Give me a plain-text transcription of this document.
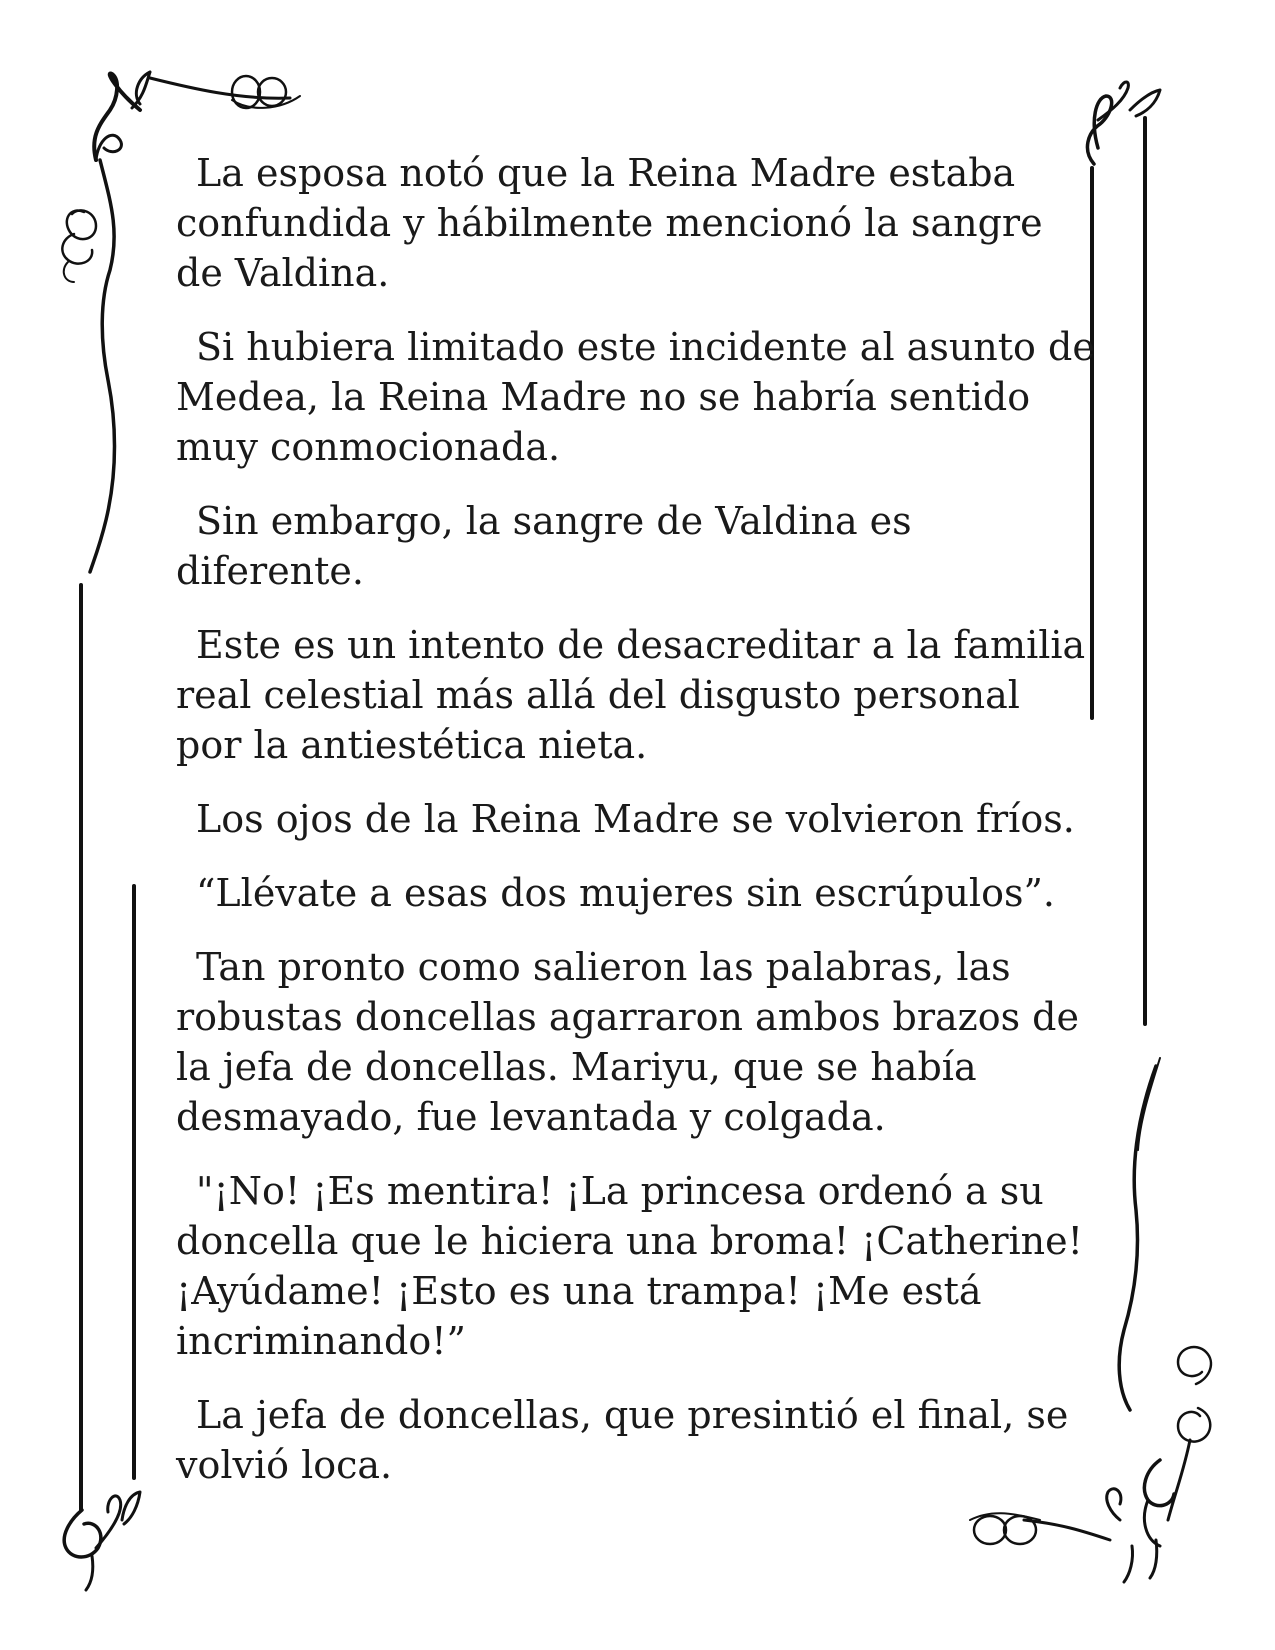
La esposa notó que la Reina Madre estaba confundida y hábilmente mencionó la sangre de Valdina.

Si hubiera limitado este incidente al asunto de Medea, la Reina Madre no se habría sentido muy conmocionada.

Sin embargo, la sangre de Valdina es diferente.

Este es un intento de desacreditar a la familia real celestial más allá del disgusto personal por la antiestética nieta.

Los ojos de la Reina Madre se volvieron fríos.

“Llévate a esas dos mujeres sin escrúpulos”.

Tan pronto como salieron las palabras, las robustas doncellas agarraron ambos brazos de la jefa de doncellas. Mariyu, que se había desmayado, fue levantada y colgada.

"¡No! ¡Es mentira! ¡La princesa ordenó a su doncella que le hiciera una broma! ¡Catherine! ¡Ayúdame! ¡Esto es una trampa! ¡Me está incriminando!”

La jefa de doncellas, que presintió el final, se volvió loca.
